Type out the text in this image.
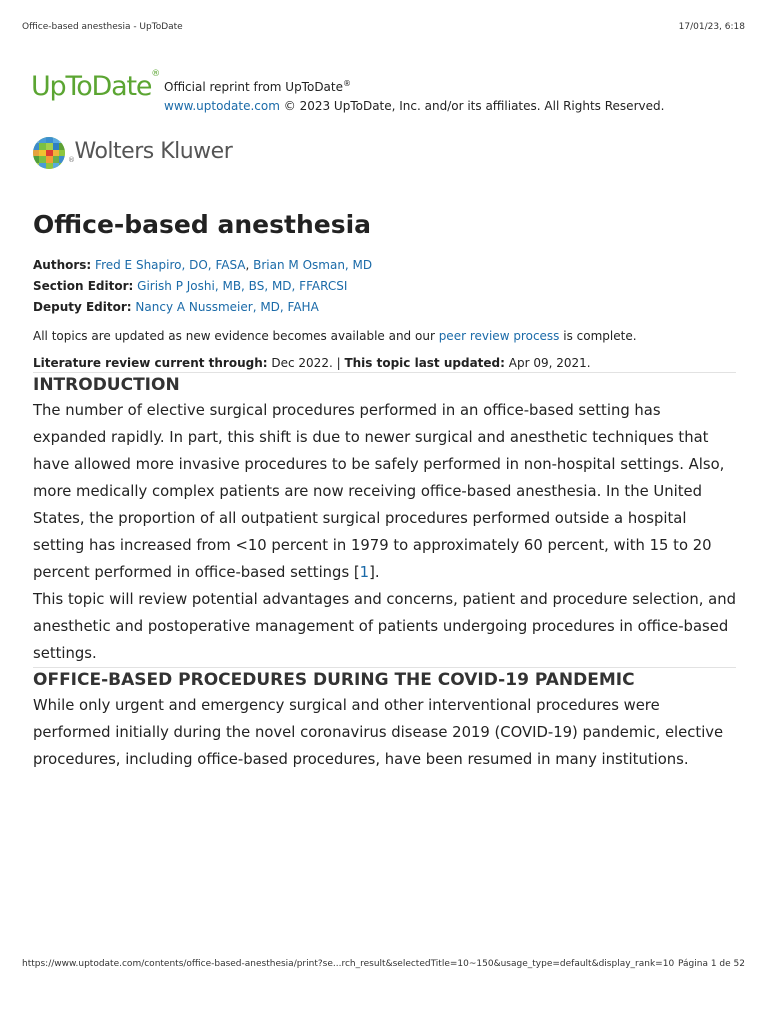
Office-based anesthesia - UpToDate	17/01/23, 6:18
UpToDate®
Official reprint from UpToDate®
www.uptodate.com © 2023 UpToDate, Inc. and/or its affiliates. All Rights Reserved.
®Wolters Kluwer
Office-based anesthesia
Authors: Fred E Shapiro, DO, FASA, Brian M Osman, MD
Section Editor: Girish P Joshi, MB, BS, MD, FFARCSI
Deputy Editor: Nancy A Nussmeier, MD, FAHA
All topics are updated as new evidence becomes available and our peer review process is complete.
Literature review current through: Dec 2022. | This topic last updated: Apr 09, 2021.
INTRODUCTION

The number of elective surgical procedures performed in an office-based setting has expanded rapidly. In part, this shift is due to newer surgical and anesthetic techniques that have allowed more invasive procedures to be safely performed in non-hospital settings. Also, more medically complex patients are now receiving office-based anesthesia. In the United States, the proportion of all outpatient surgical procedures performed outside a hospital setting has increased from <10 percent in 1979 to approximately 60 percent, with 15 to 20 percent performed in office-based settings [1].

This topic will review potential advantages and concerns, patient and procedure selection, and anesthetic and postoperative management of patients undergoing procedures in office-based settings.

OFFICE-BASED PROCEDURES DURING THE COVID-19 PANDEMIC

While only urgent and emergency surgical and other interventional procedures were performed initially during the novel coronavirus disease 2019 (COVID-19) pandemic, elective procedures, including office-based procedures, have been resumed in many institutions.

https://www.uptodate.com/contents/office-based-anesthesia/print?se...rch_result&selectedTitle=10~150&usage_type=default&display_rank=10 Página 1 de 52
